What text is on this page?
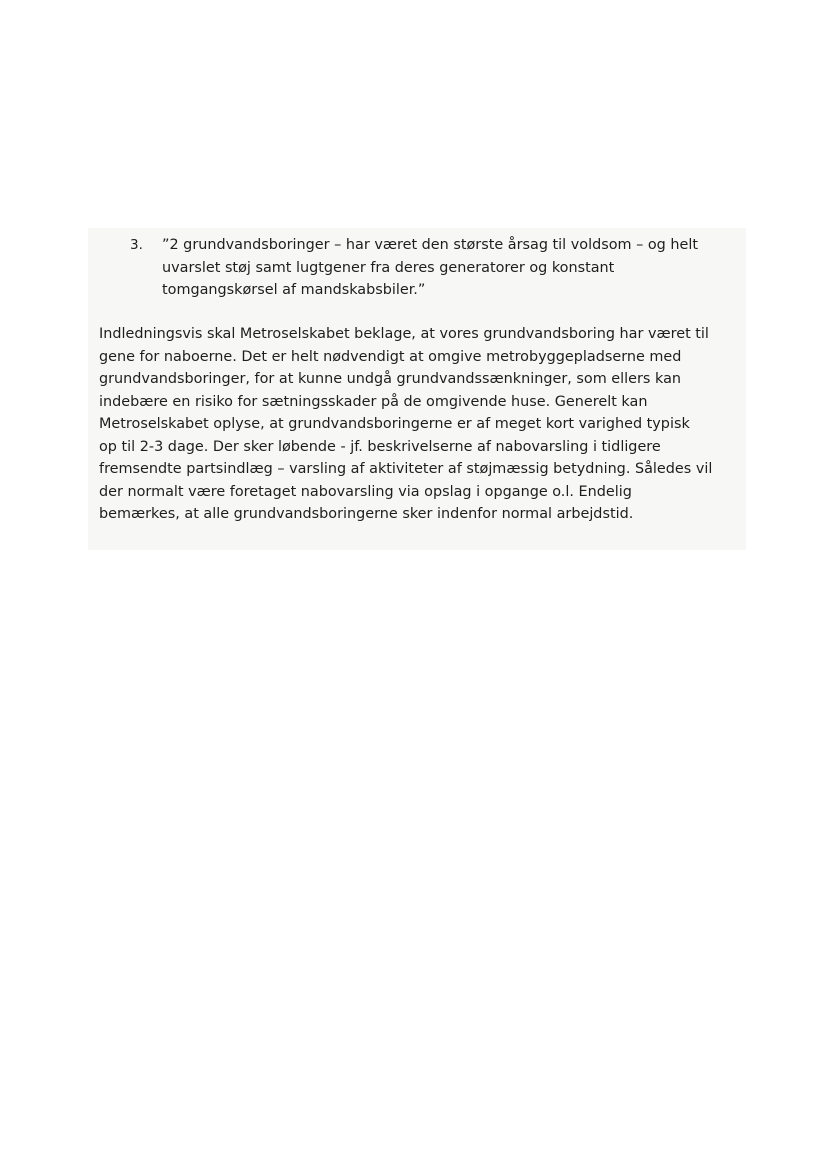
3.	”2 grundvandsboringer – har været den største årsag til voldsom – og helt
uvarslet støj samt lugtgener fra deres generatorer og konstant
tomgangskørsel af mandskabsbiler.”
Indledningsvis skal Metroselskabet beklage, at vores grundvandsboring har været til
gene for naboerne. Det er helt nødvendigt at omgive metrobyggepladserne med
grundvandsboringer, for at kunne undgå grundvandssænkninger, som ellers kan
indebære en risiko for sætningsskader på de omgivende huse. Generelt kan
Metroselskabet oplyse, at grundvandsboringerne er af meget kort varighed typisk
op til 2-3 dage. Der sker løbende - jf. beskrivelserne af nabovarsling i tidligere
fremsendte partsindlæg – varsling af aktiviteter af støjmæssig betydning. Således vil
der normalt være foretaget nabovarsling via opslag i opgange o.l. Endelig
bemærkes, at alle grundvandsboringerne sker indenfor normal arbejdstid.
